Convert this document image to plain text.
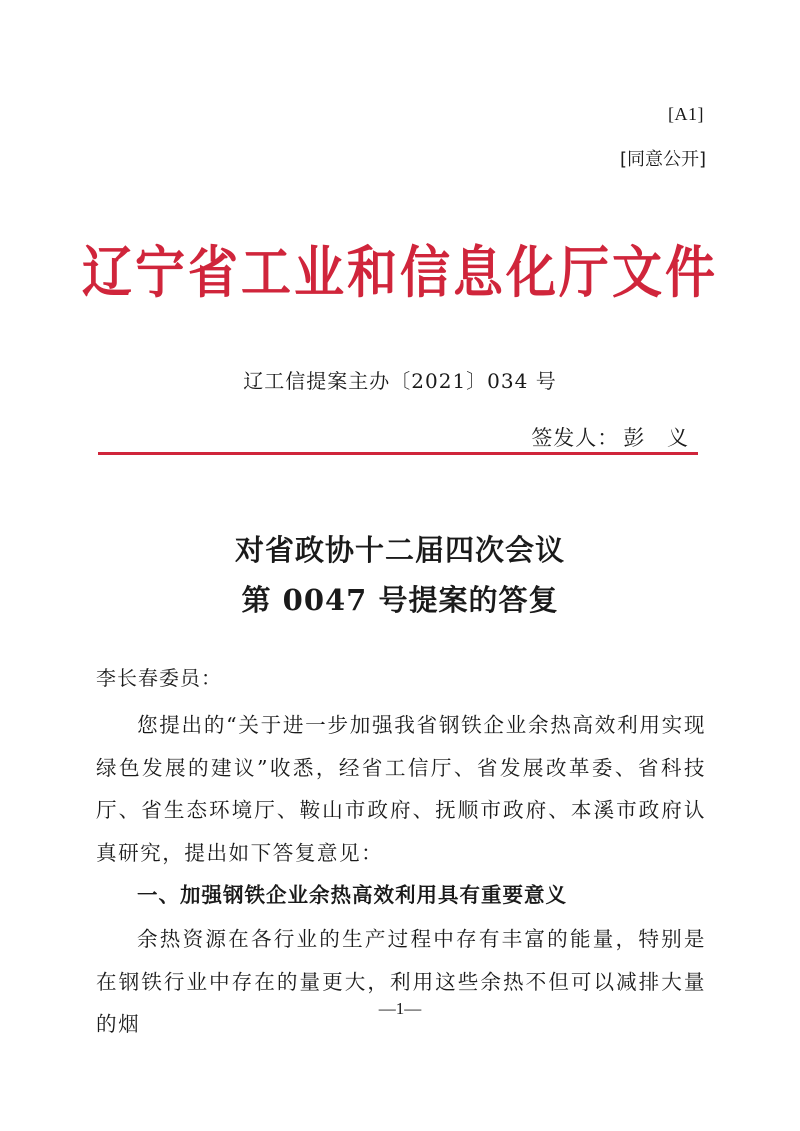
[A1]
[同意公开]
辽宁省工业和信息化厅文件
辽工信提案主办〔2021〕034 号
签发人： 彭 义
对省政协十二届四次会议
第 0047 号提案的答复
李长春委员：
您提出的“关于进一步加强我省钢铁企业余热高效利用实现绿色发展的建议”收悉，经省工信厅、省发展改革委、省科技厅、省生态环境厅、鞍山市政府、抚顺市政府、本溪市政府认真研究，提出如下答复意见：
一、加强钢铁企业余热高效利用具有重要意义
余热资源在各行业的生产过程中存有丰富的能量，特别是在钢铁行业中存在的量更大，利用这些余热不但可以减排大量的烟
—1—
